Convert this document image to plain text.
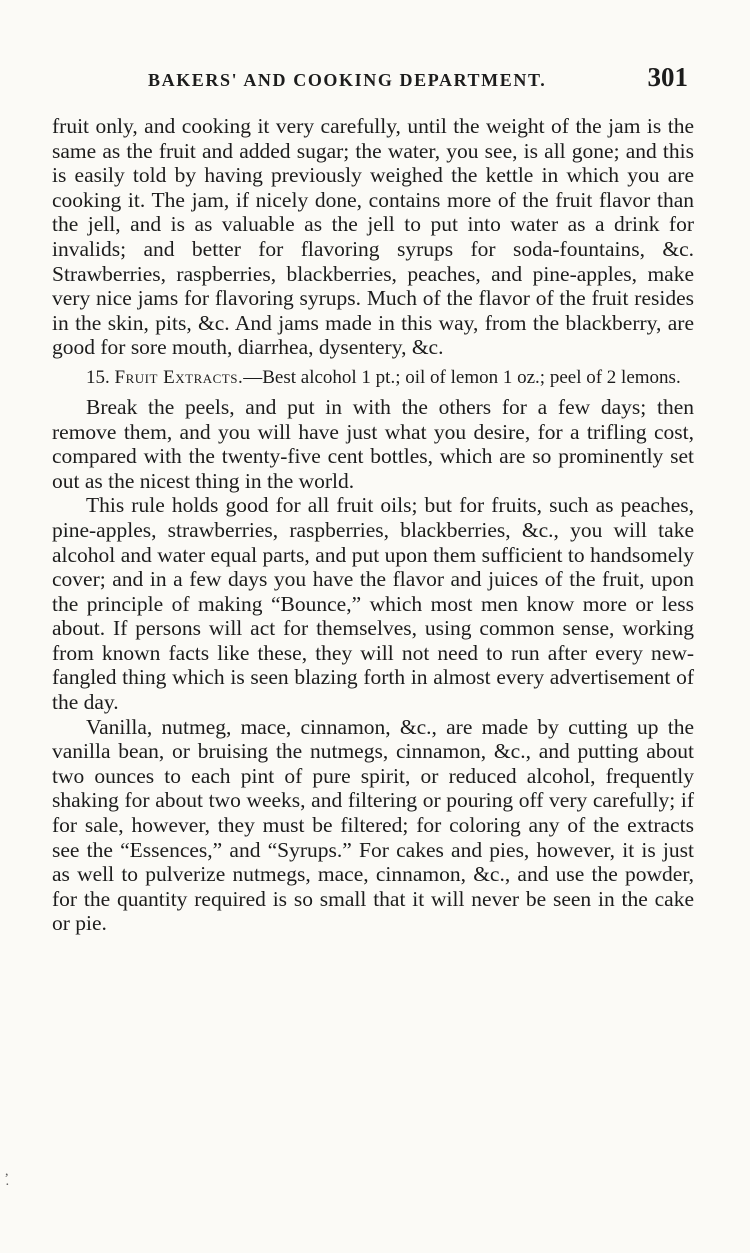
BAKERS' AND COOKING DEPARTMENT.	301

fruit only, and cooking it very carefully, until the weight of the jam is the same as the fruit and added sugar; the water, you see, is all gone; and this is easily told by having previously weighed the kettle in which you are cooking it. The jam, if nicely done, contains more of the fruit flavor than the jell, and is as valuable as the jell to put into water as a drink for invalids; and better for flavoring syrups for soda-fountains, &c. Strawberries, raspberries, blackberries, peaches, and pine-apples, make very nice jams for flavoring syrups. Much of the flavor of the fruit resides in the skin, pits, &c. And jams made in this way, from the blackberry, are good for sore mouth, diarrhea, dysentery, &c.

15. Fruit Extracts.—Best alcohol 1 pt.; oil of lemon 1 oz.; peel of 2 lemons.

Break the peels, and put in with the others for a few days; then remove them, and you will have just what you desire, for a trifling cost, compared with the twenty-five cent bottles, which are so prominently set out as the nicest thing in the world.

This rule holds good for all fruit oils; but for fruits, such as peaches, pine-apples, strawberries, raspberries, blackberries, &c., you will take alcohol and water equal parts, and put upon them sufficient to handsomely cover; and in a few days you have the flavor and juices of the fruit, upon the principle of making “Bounce,” which most men know more or less about. If persons will act for themselves, using common sense, working from known facts like these, they will not need to run after every new-fangled thing which is seen blazing forth in almost every advertisement of the day.

Vanilla, nutmeg, mace, cinnamon, &c., are made by cutting up the vanilla bean, or bruising the nutmegs, cinnamon, &c., and putting about two ounces to each pint of pure spirit, or reduced alcohol, frequently shaking for about two weeks, and filtering or pouring off very carefully; if for sale, however, they must be filtered; for coloring any of the extracts see the “Essences,” and “Syrups.” For cakes and pies, however, it is just as well to pulverize nutmegs, mace, cinnamon, &c., and use the powder, for the quantity required is so small that it will never be seen in the cake or pie.

,
·
